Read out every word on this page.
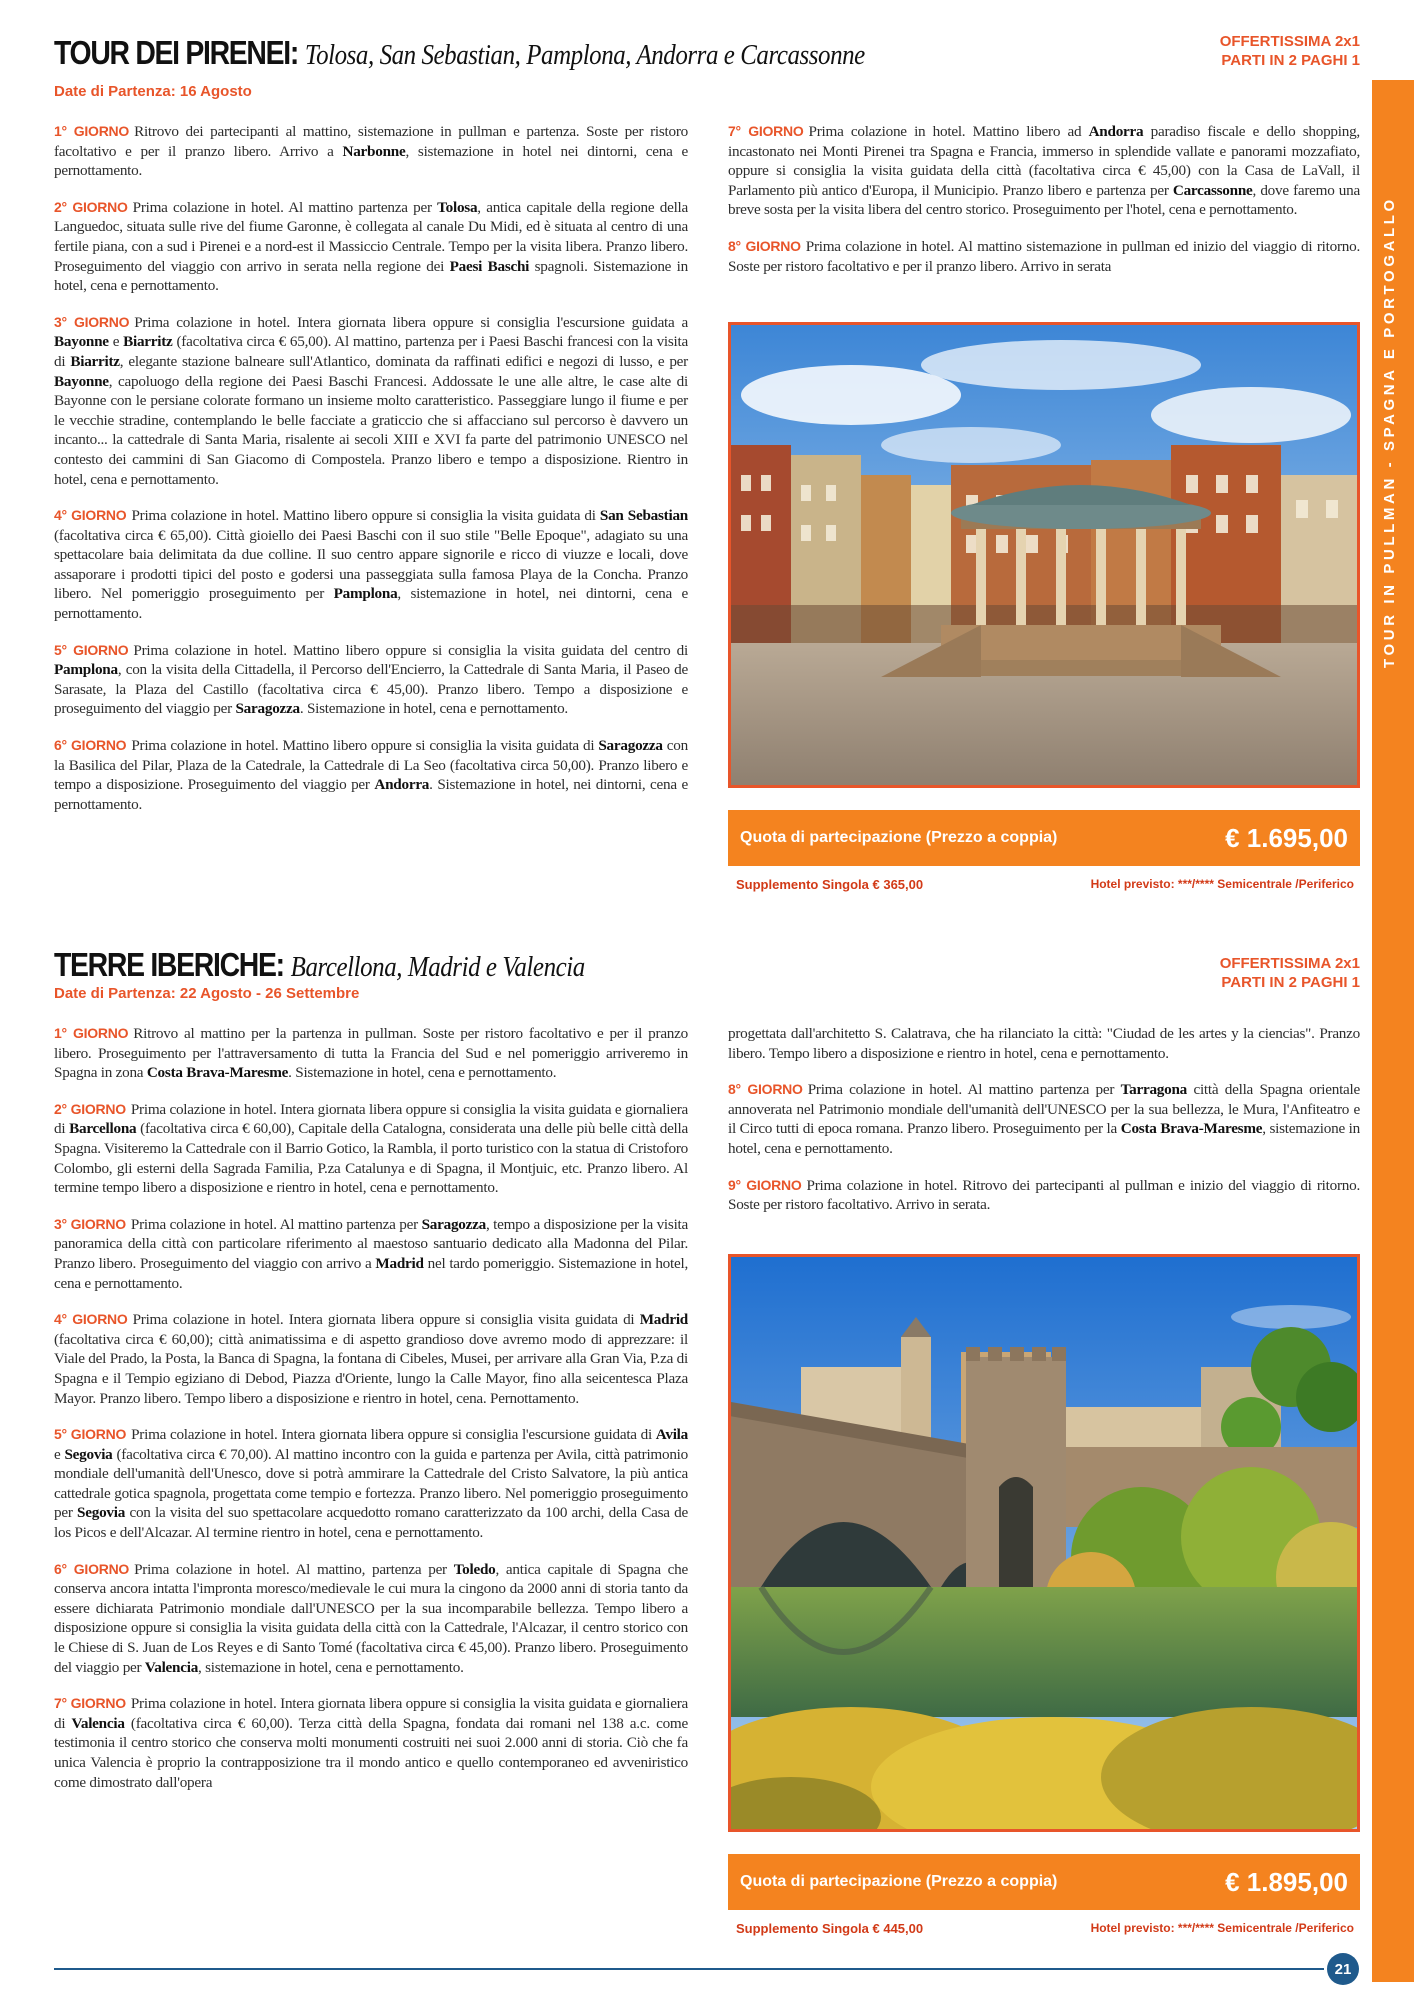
TOUR IN PULLMAN - SPAGNA E PORTOGALLO
TOUR DEI PIRENEI: Tolosa, San Sebastian, Pamplona, Andorra e Carcassonne
Date di Partenza: 16 Agosto
OFFERTISSIMA 2x1
PARTI IN 2 PAGHI 1

1° GIORNO Ritrovo dei partecipanti al mattino, sistemazione in pullman e partenza. Soste per ristoro facoltativo e per il pranzo libero. Arrivo a Narbonne, sistemazione in hotel nei dintorni, cena e pernottamento.

2° GIORNO Prima colazione in hotel. Al mattino partenza per Tolosa, antica capitale della regione della Languedoc, situata sulle rive del fiume Garonne, è collegata al canale Du Midi, ed è situata al centro di una fertile piana, con a sud i Pirenei e a nord-est il Massiccio Centrale. Tempo per la visita libera. Pranzo libero. Proseguimento del viaggio con arrivo in serata nella regione dei Paesi Baschi spagnoli. Sistemazione in hotel, cena e pernottamento.

3° GIORNO Prima colazione in hotel. Intera giornata libera oppure si consiglia l'escursione guidata a Bayonne e Biarritz (facoltativa circa € 65,00). Al mattino, partenza per i Paesi Baschi francesi con la visita di Biarritz, elegante stazione balneare sull'Atlantico, dominata da raffinati edifici e negozi di lusso, e per Bayonne, capoluogo della regione dei Paesi Baschi Francesi. Addossate le une alle altre, le case alte di Bayonne con le persiane colorate formano un insieme molto caratteristico. Passeggiare lungo il fiume e per le vecchie stradine, contemplando le belle facciate a graticcio che si affacciano sul percorso è davvero un incanto... la cattedrale di Santa Maria, risalente ai secoli XIII e XVI fa parte del patrimonio UNESCO nel contesto dei cammini di San Giacomo di Compostela. Pranzo libero e tempo a disposizione. Rientro in hotel, cena e pernottamento.

4° GIORNO Prima colazione in hotel. Mattino libero oppure si consiglia la visita guidata di San Sebastian (facoltativa circa € 65,00). Città gioiello dei Paesi Baschi con il suo stile "Belle Epoque", adagiato su una spettacolare baia delimitata da due colline. Il suo centro appare signorile e ricco di viuzze e locali, dove assaporare i prodotti tipici del posto e godersi una passeggiata sulla famosa Playa de la Concha. Pranzo libero. Nel pomeriggio proseguimento per Pamplona, sistemazione in hotel, nei dintorni, cena e pernottamento.

5° GIORNO Prima colazione in hotel. Mattino libero oppure si consiglia la visita guidata del centro di Pamplona, con la visita della Cittadella, il Percorso dell'Encierro, la Cattedrale di Santa Maria, il Paseo de Sarasate, la Plaza del Castillo (facoltativa circa € 45,00). Pranzo libero. Tempo a disposizione e proseguimento del viaggio per Saragozza. Sistemazione in hotel, cena e pernottamento.

6° GIORNO Prima colazione in hotel. Mattino libero oppure si consiglia la visita guidata di Saragozza con la Basilica del Pilar, Plaza de la Catedrale, la Cattedrale di La Seo (facoltativa circa 50,00). Pranzo libero e tempo a disposizione. Proseguimento del viaggio per Andorra. Sistemazione in hotel, nei dintorni, cena e pernottamento.

7° GIORNO Prima colazione in hotel. Mattino libero ad Andorra paradiso fiscale e dello shopping, incastonato nei Monti Pirenei tra Spagna e Francia, immerso in splendide vallate e panorami mozzafiato, oppure si consiglia la visita guidata della città (facoltativa circa € 45,00) con la Casa de LaVall, il Parlamento più antico d'Europa, il Municipio. Pranzo libero e partenza per Carcassonne, dove faremo una breve sosta per la visita libera del centro storico. Proseguimento per l'hotel, cena e pernottamento.

8° GIORNO Prima colazione in hotel. Al mattino sistemazione in pullman ed inizio del viaggio di ritorno. Soste per ristoro facoltativo e per il pranzo libero. Arrivo in serata

Quota di partecipazione (Prezzo a coppia)	€ 1.695,00
Supplemento Singola € 365,00	Hotel previsto: ***/**** Semicentrale /Periferico
TERRE IBERICHE: Barcellona, Madrid e Valencia
Date di Partenza: 22 Agosto - 26 Settembre
OFFERTISSIMA 2x1
PARTI IN 2 PAGHI 1

1° GIORNO Ritrovo al mattino per la partenza in pullman. Soste per ristoro facoltativo e per il pranzo libero. Proseguimento per l'attraversamento di tutta la Francia del Sud e nel pomeriggio arriveremo in Spagna in zona Costa Brava-Maresme. Sistemazione in hotel, cena e pernottamento.

2° GIORNO Prima colazione in hotel. Intera giornata libera oppure si consiglia la visita guidata e giornaliera di Barcellona (facoltativa circa € 60,00), Capitale della Catalogna, considerata una delle più belle città della Spagna. Visiteremo la Cattedrale con il Barrio Gotico, la Rambla, il porto turistico con la statua di Cristoforo Colombo, gli esterni della Sagrada Familia, P.za Catalunya e di Spagna, il Montjuic, etc. Pranzo libero. Al termine tempo libero a disposizione e rientro in hotel, cena e pernottamento.

3° GIORNO Prima colazione in hotel. Al mattino partenza per Saragozza, tempo a disposizione per la visita panoramica della città con particolare riferimento al maestoso santuario dedicato alla Madonna del Pilar. Pranzo libero. Proseguimento del viaggio con arrivo a Madrid nel tardo pomeriggio. Sistemazione in hotel, cena e pernottamento.

4° GIORNO Prima colazione in hotel. Intera giornata libera oppure si consiglia visita guidata di Madrid (facoltativa circa € 60,00); città animatissima e di aspetto grandioso dove avremo modo di apprezzare: il Viale del Prado, la Posta, la Banca di Spagna, la fontana di Cibeles, Musei, per arrivare alla Gran Via, P.za di Spagna e il Tempio egiziano di Debod, Piazza d'Oriente, lungo la Calle Mayor, fino alla seicentesca Plaza Mayor. Pranzo libero. Tempo libero a disposizione e rientro in hotel, cena. Pernottamento.

5° GIORNO Prima colazione in hotel. Intera giornata libera oppure si consiglia l'escursione guidata di Avila e Segovia (facoltativa circa € 70,00). Al mattino incontro con la guida e partenza per Avila, città patrimonio mondiale dell'umanità dell'Unesco, dove si potrà ammirare la Cattedrale del Cristo Salvatore, la più antica cattedrale gotica spagnola, progettata come tempio e fortezza. Pranzo libero. Nel pomeriggio proseguimento per Segovia con la visita del suo spettacolare acquedotto romano caratterizzato da 100 archi, della Casa de los Picos e dell'Alcazar. Al termine rientro in hotel, cena e pernottamento.

6° GIORNO Prima colazione in hotel. Al mattino, partenza per Toledo, antica capitale di Spagna che conserva ancora intatta l'impronta moresco/medievale le cui mura la cingono da 2000 anni di storia tanto da essere dichiarata Patrimonio mondiale dall'UNESCO per la sua incomparabile bellezza. Tempo libero a disposizione oppure si consiglia la visita guidata della città con la Cattedrale, l'Alcazar, il centro storico con le Chiese di S. Juan de Los Reyes e di Santo Tomé (facoltativa circa € 45,00). Pranzo libero. Proseguimento del viaggio per Valencia, sistemazione in hotel, cena e pernottamento.

7° GIORNO Prima colazione in hotel. Intera giornata libera oppure si consiglia la visita guidata e giornaliera di Valencia (facoltativa circa € 60,00). Terza città della Spagna, fondata dai romani nel 138 a.c. come testimonia il centro storico che conserva molti monumenti costruiti nei suoi 2.000 anni di storia. Ciò che fa unica Valencia è proprio la contrapposizione tra il mondo antico e quello contemporaneo ed avveniristico come dimostrato dall'opera

progettata dall'architetto S. Calatrava, che ha rilanciato la città: "Ciudad de les artes y la ciencias". Pranzo libero. Tempo libero a disposizione e rientro in hotel, cena e pernottamento.

8° GIORNO Prima colazione in hotel. Al mattino partenza per Tarragona città della Spagna orientale annoverata nel Patrimonio mondiale dell'umanità dell'UNESCO per la sua bellezza, le Mura, l'Anfiteatro e il Circo tutti di epoca romana. Pranzo libero. Proseguimento per la Costa Brava-Maresme, sistemazione in hotel, cena e pernottamento.

9° GIORNO Prima colazione in hotel. Ritrovo dei partecipanti al pullman e inizio del viaggio di ritorno. Soste per ristoro facoltativo. Arrivo in serata.

Quota di partecipazione (Prezzo a coppia)	€ 1.895,00
Supplemento Singola € 445,00	Hotel previsto: ***/**** Semicentrale /Periferico
21
